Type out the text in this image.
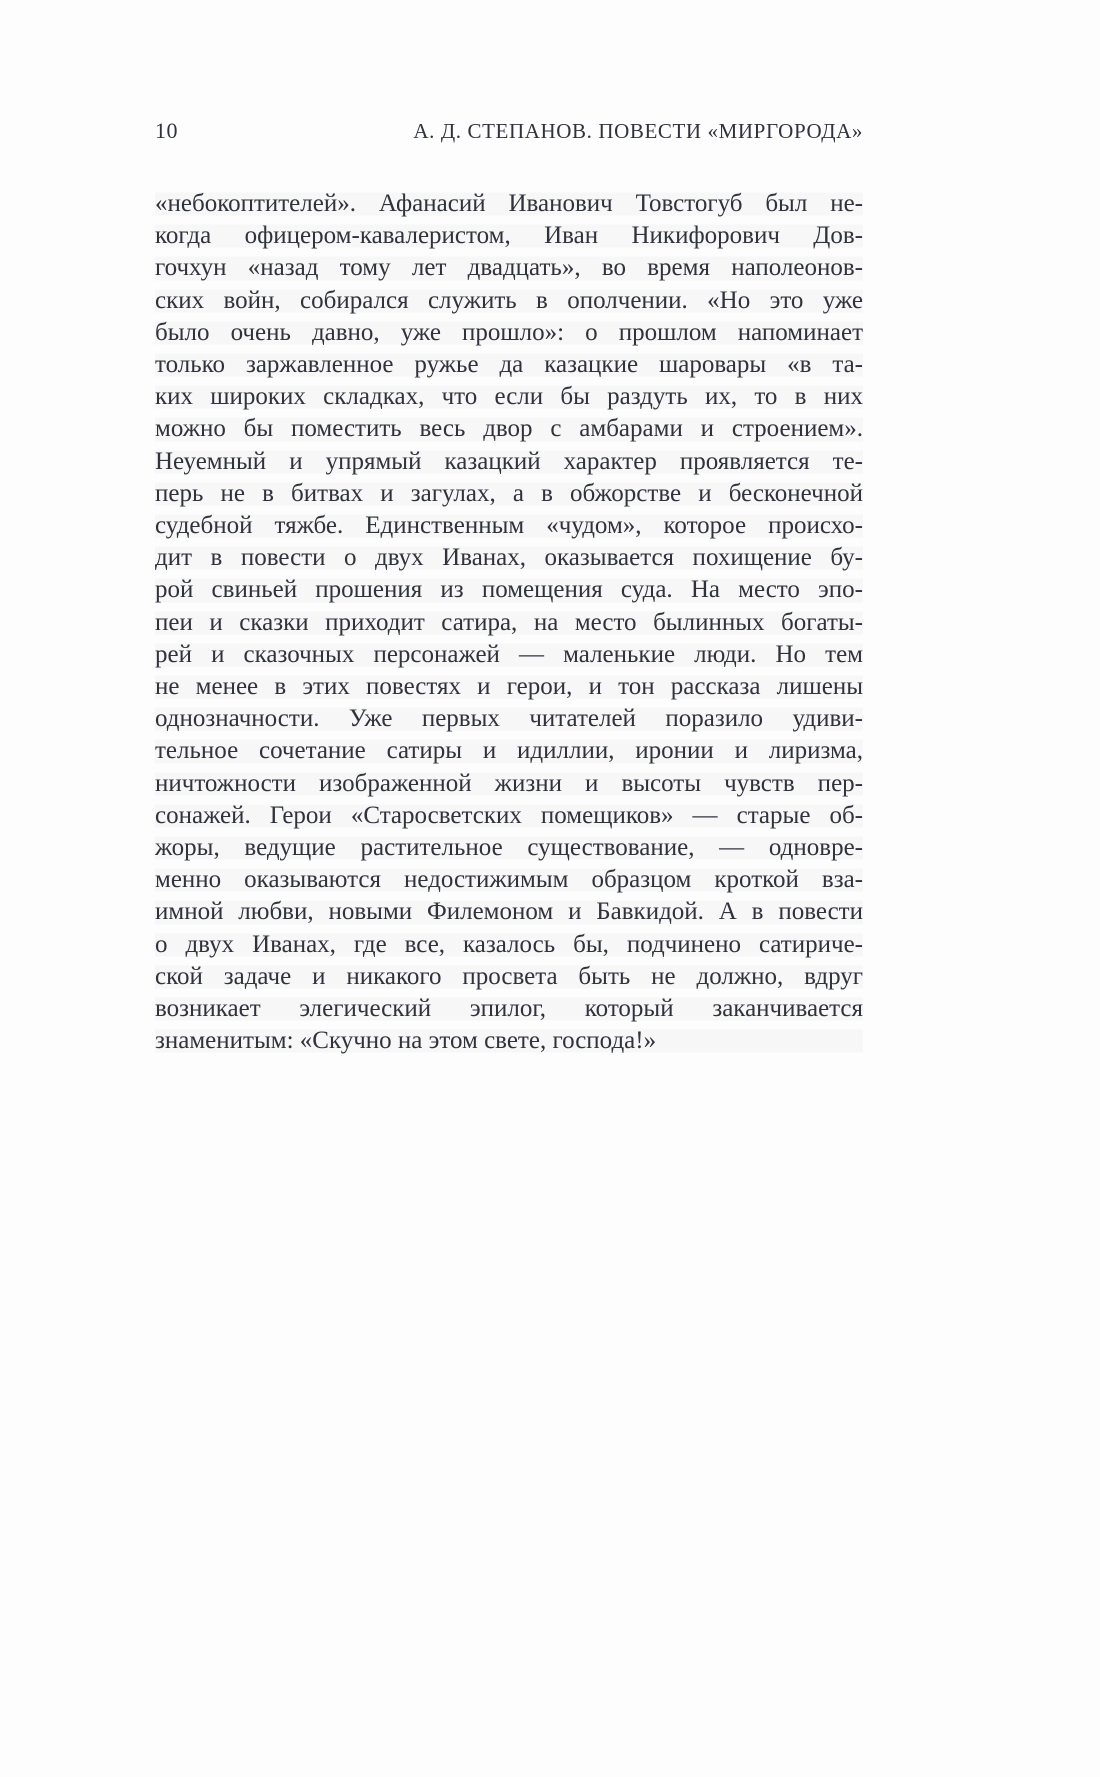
10	А. Д. СТЕПАНОВ. ПОВЕСТИ «МИРГОРОДА»
«небокоптителей». Афанасий Иванович Товстогуб был не-
когда офицером-кавалеристом, Иван Никифорович Дов-
гочхун «назад тому лет двадцать», во время наполеонов-
ских войн, собирался служить в ополчении. «Но это уже
было очень давно, уже прошло»: о прошлом напоминает
только заржавленное ружье да казацкие шаровары «в та-
ких широких складках, что если бы раздуть их, то в них
можно бы поместить весь двор с амбарами и строением».
Неуемный и упрямый казацкий характер проявляется те-
перь не в битвах и загулах, а в обжорстве и бесконечной
судебной тяжбе. Единственным «чудом», которое происхо-
дит в повести о двух Иванах, оказывается похищение бу-
рой свиньей прошения из помещения суда. На место эпо-
пеи и сказки приходит сатира, на место былинных богаты-
рей и сказочных персонажей — маленькие люди. Но тем
не менее в этих повестях и герои, и тон рассказа лишены
однозначности. Уже первых читателей поразило удиви-
тельное сочетание сатиры и идиллии, иронии и лиризма,
ничтожности изображенной жизни и высоты чувств пер-
сонажей. Герои «Старосветских помещиков» — старые об-
жоры, ведущие растительное существование, — одновре-
менно оказываются недостижимым образцом кроткой вза-
имной любви, новыми Филемоном и Бавкидой. А в повести
о двух Иванах, где все, казалось бы, подчинено сатириче-
ской задаче и никакого просвета быть не должно, вдруг
возникает элегический эпилог, который заканчивается
знаменитым: «Скучно на этом свете, господа!»
